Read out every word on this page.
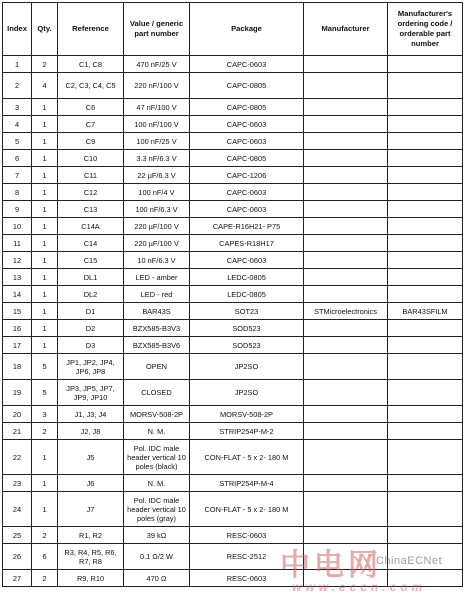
Index	Qty.	Reference	Value / generic part number	Package	Manufacturer	Manufacturer's ordering code / orderable part number
1	2	C1, C8	470 nF/25 V	CAPC-0603		
2	4	C2, C3, C4, C5	220 nF/100 V	CAPC-0805		
3	1	C6	47 nF/100 V	CAPC-0805		
4	1	C7	100 nF/100 V	CAPC-0603		
5	1	C9	100 nF/25 V	CAPC-0603		
6	1	C10	3.3 nF/6.3 V	CAPC-0805		
7	1	C11	22 µF/6.3 V	CAPC-1206		
8	1	C12	100 nF/4 V	CAPC-0603		
9	1	C13	100 nF/6.3 V	CAPC-0603		
10	1	C14A	220 µF/100 V	CAPE-R16H21- P75		
11	1	C14	220 µF/100 V	CAPES-R18H17		
12	1	C15	10 nF/6.3 V	CAPC-0603		
13	1	DL1	LED - amber	LEDC-0805		
14	1	DL2	LED - red	LEDC-0805		
15	1	D1	BAR43S	SOT23	STMicroelectronics	BAR43SFILM
16	1	D2	BZX585-B3V3	SOD523		
17	1	D3	BZX585-B3V6	SOD523		
18	5	JP1, JP2, JP4, JP6, JP8	OPEN	JP2SO		
19	5	JP3, JP5, JP7, JP9, JP10	CLOSED	JP2SO		
20	3	J1, J3, J4	MORSV-508-2P	MORSV-508-2P		
21	2	J2, J8	N. M.	STRIP254P-M-2		
22	1	J5	Pol. IDC male header vertical 10 poles (black)	CON-FLAT - 5 x 2- 180 M		
23	1	J6	N. M.	STRIP254P-M-4		
24	1	J7	Pol. IDC male header vertical 10 poles (gray)	CON-FLAT - 5 x 2- 180 M		
25	2	R1, R2	39 kΩ	RESC-0603		
26	6	R3, R4, R5, R6, R7, R8	0.1 Ω/2 W	RESC-2512		
27	2	R9, R10	470 Ω	RESC-0603		中电网
ChinaECNet
www.eccn.com
